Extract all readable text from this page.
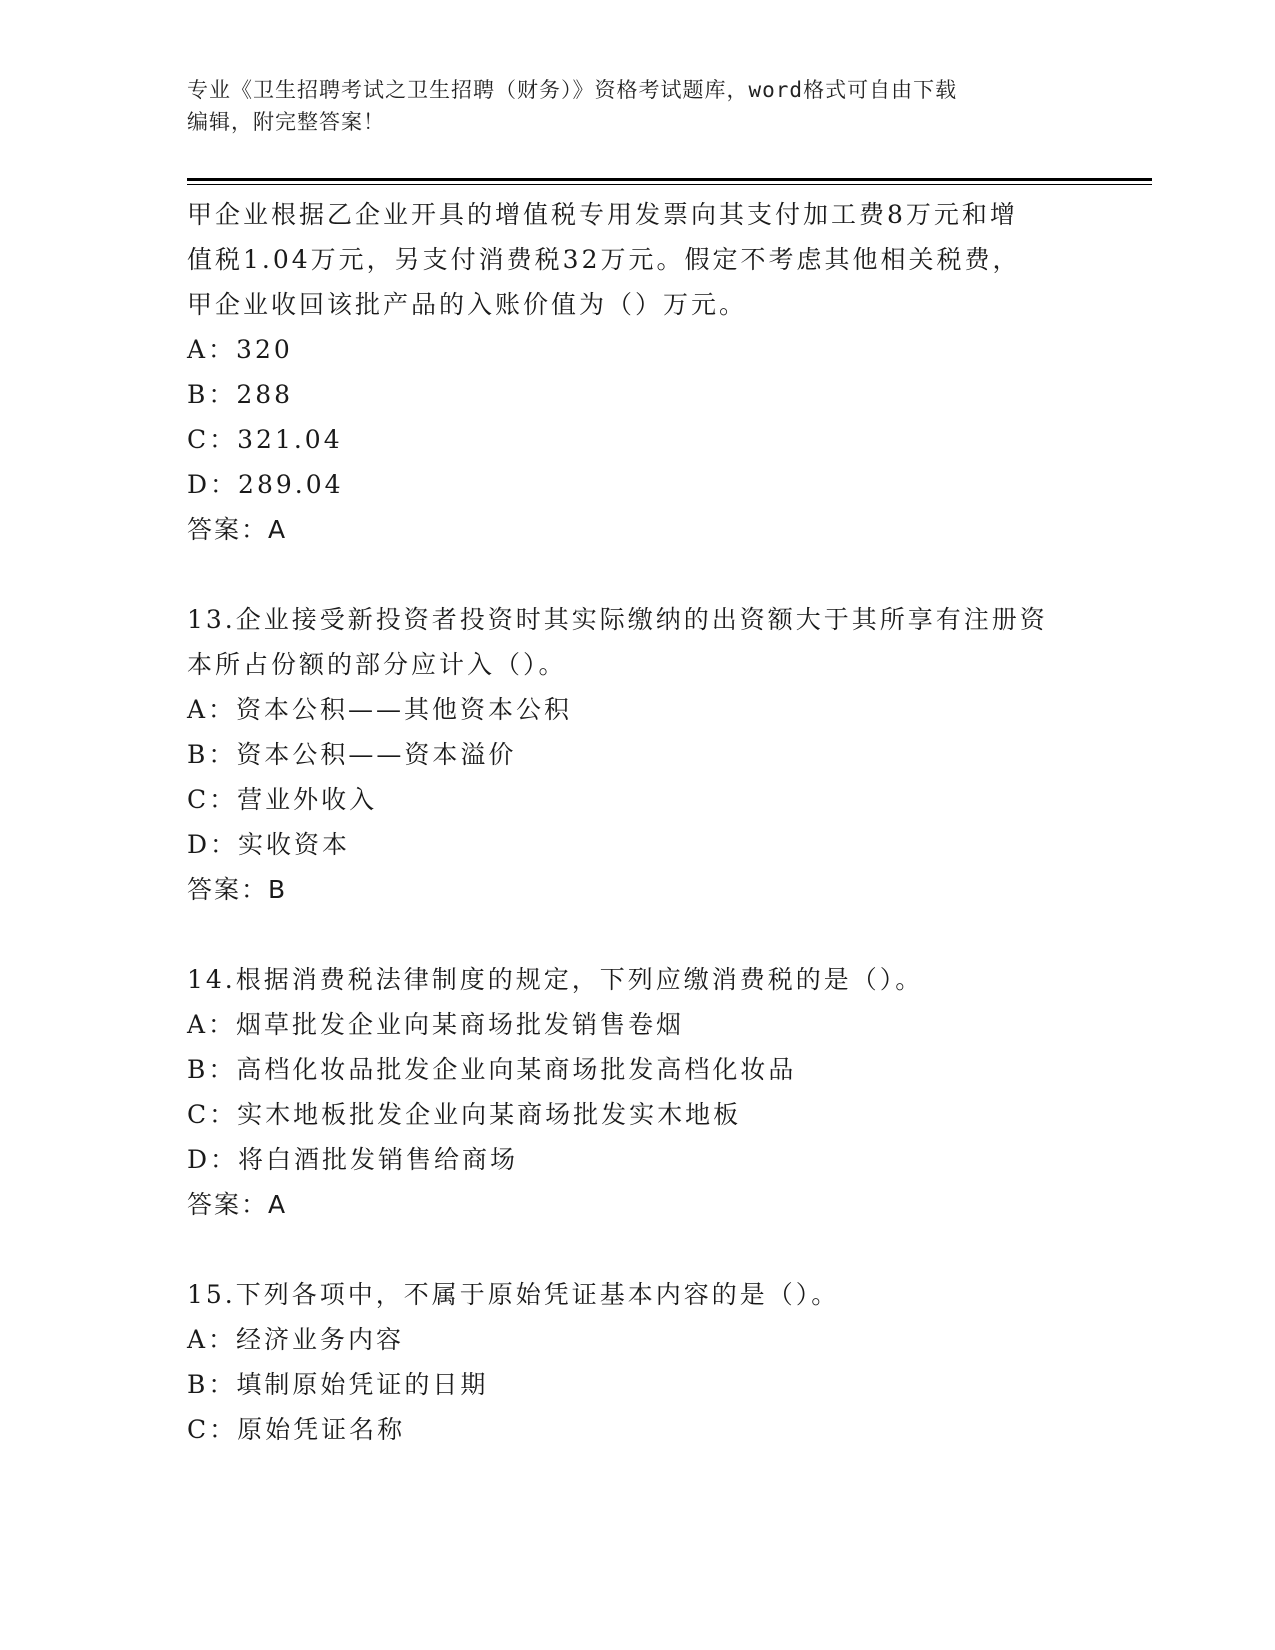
专业《卫生招聘考试之卫生招聘（财务）》资格考试题库，word格式可自由下载
编辑，附完整答案！
甲企业根据乙企业开具的增值税专用发票向其支付加工费8万元和增
值税1.04万元，另支付消费税32万元。假定不考虑其他相关税费，
甲企业收回该批产品的入账价值为（）万元。
A：320
B：288
C：321.04
D：289.04
答案：A
13.企业接受新投资者投资时其实际缴纳的出资额大于其所享有注册资
本所占份额的部分应计入（）。
A：资本公积——其他资本公积
B：资本公积——资本溢价
C：营业外收入
D：实收资本
答案：B
14.根据消费税法律制度的规定，下列应缴消费税的是（）。
A：烟草批发企业向某商场批发销售卷烟
B：高档化妆品批发企业向某商场批发高档化妆品
C：实木地板批发企业向某商场批发实木地板
D：将白酒批发销售给商场
答案：A
15.下列各项中，不属于原始凭证基本内容的是（）。
A：经济业务内容
B：填制原始凭证的日期
C：原始凭证名称
